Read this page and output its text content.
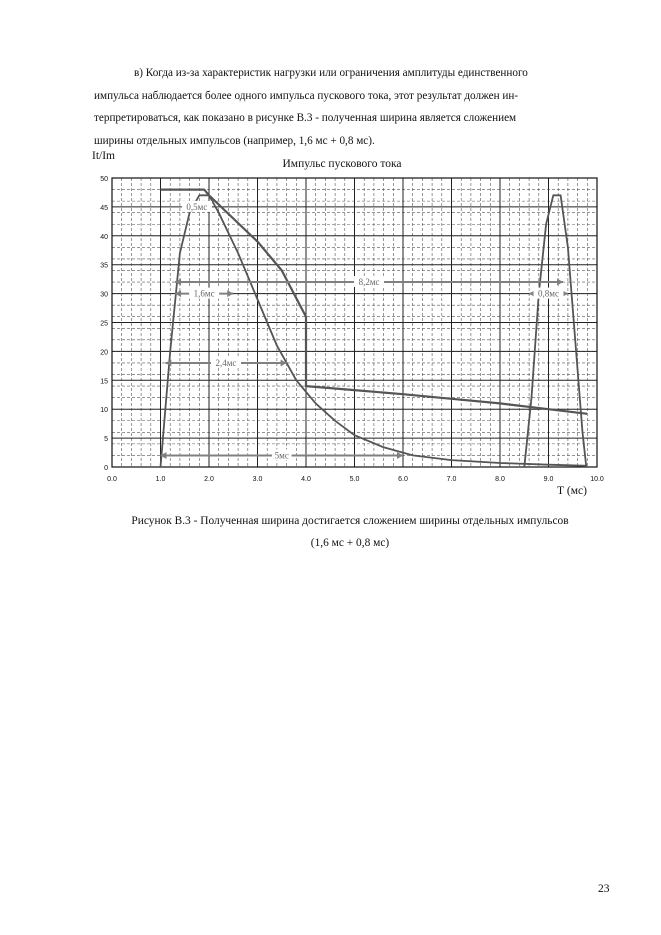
в) Когда из-за характеристик нагрузки или ограничения амплитуды единственного

импульса наблюдается более одного импульса пускового тока, этот результат должен ин-

терпретироваться, как показано в рисунке В.3 - полученная ширина является сложением

ширины отдельных импульсов (например, 1,6 мс + 0,8 мс).

It/Im
Импульс пускового тока
0.0	1.0	2.0	3.0	4.0	5.0	6.0	7.0	8.0	9.0	10.0
0
5
10
15
20
25
30
35
40
45
50
0,5мс
8,2мс
1,6мс	0,8мс
2,4мс
5мс
Т (мс)

Рисунок В.3 - Полученная ширина достигается сложением ширины отдельных импульсов

(1,6 мс + 0,8 мс)

23
